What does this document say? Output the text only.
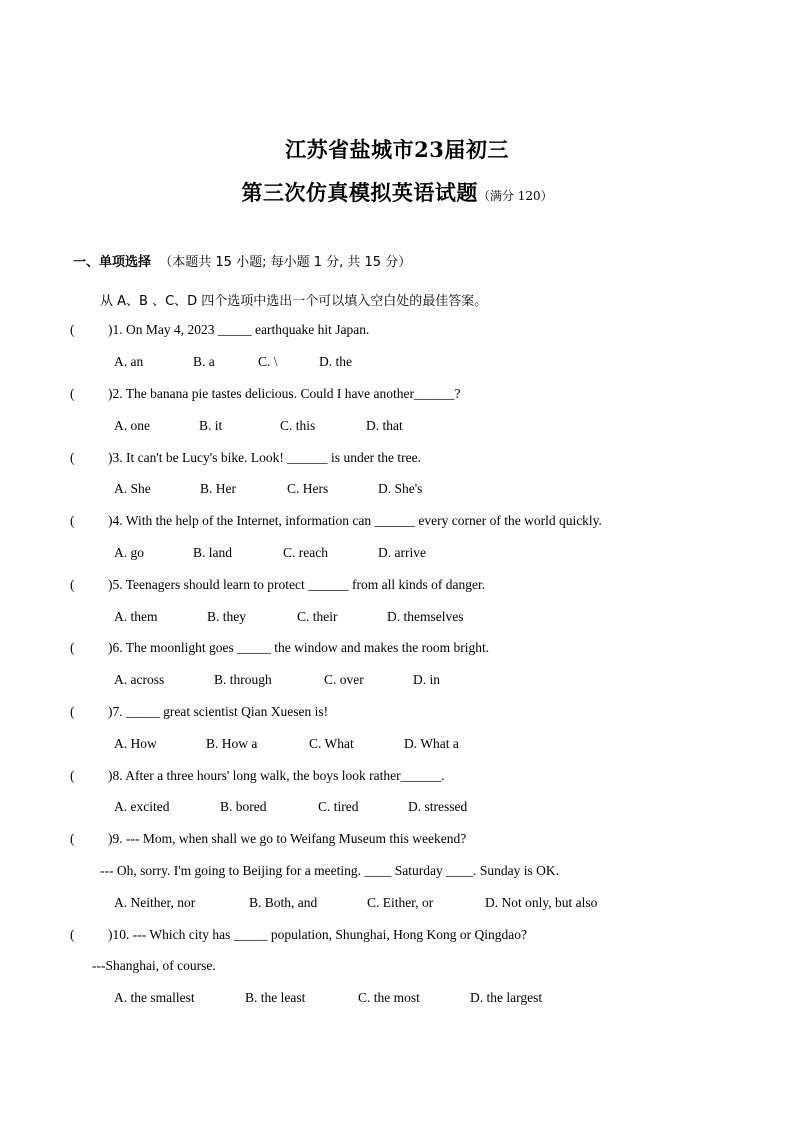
江苏省盐城市23届初三
第三次仿真模拟英语试题（满分 120）
一、单项选择 （本题共 15 小题; 每小题 1 分, 共 15 分）
从 A、B 、C、D 四个选项中选出一个可以填入空白处的最佳答案。
( )1. On May 4, 2023 _____ earthquake hit Japan.
A. an	B. a	C. \	D. the
( )2. The banana pie tastes delicious. Could I have another______?
A. one	B. it	C. this	D. that
( )3. It can't be Lucy's bike. Look! ______ is under the tree.
A. She	B. Her	C. Hers	D. She's
( )4. With the help of the Internet, information can ______ every corner of the world quickly.
A. go	B. land	C. reach	D. arrive
( )5. Teenagers should learn to protect ______ from all kinds of danger.
A. them	B. they	C. their	D. themselves
( )6. The moonlight goes _____ the window and makes the room bright.
A. across	B. through	C. over	D. in
( )7. _____ great scientist Qian Xuesen is!
A. How	B. How a	C. What	D. What a
( )8. After a three hours' long walk, the boys look rather______.
A. excited	B. bored	C. tired	D. stressed
( )9. --- Mom, when shall we go to Weifang Museum this weekend?
--- Oh, sorry. I'm going to Beijing for a meeting. ____ Saturday ____. Sunday is OK.
A. Neither, nor	B. Both, and	C. Either, or	D. Not only, but also
( )10. --- Which city has _____ population, Shunghai, Hong Kong or Qingdao?
---Shanghai, of course.
A. the smallest	B. the least	C. the most	D. the largest
